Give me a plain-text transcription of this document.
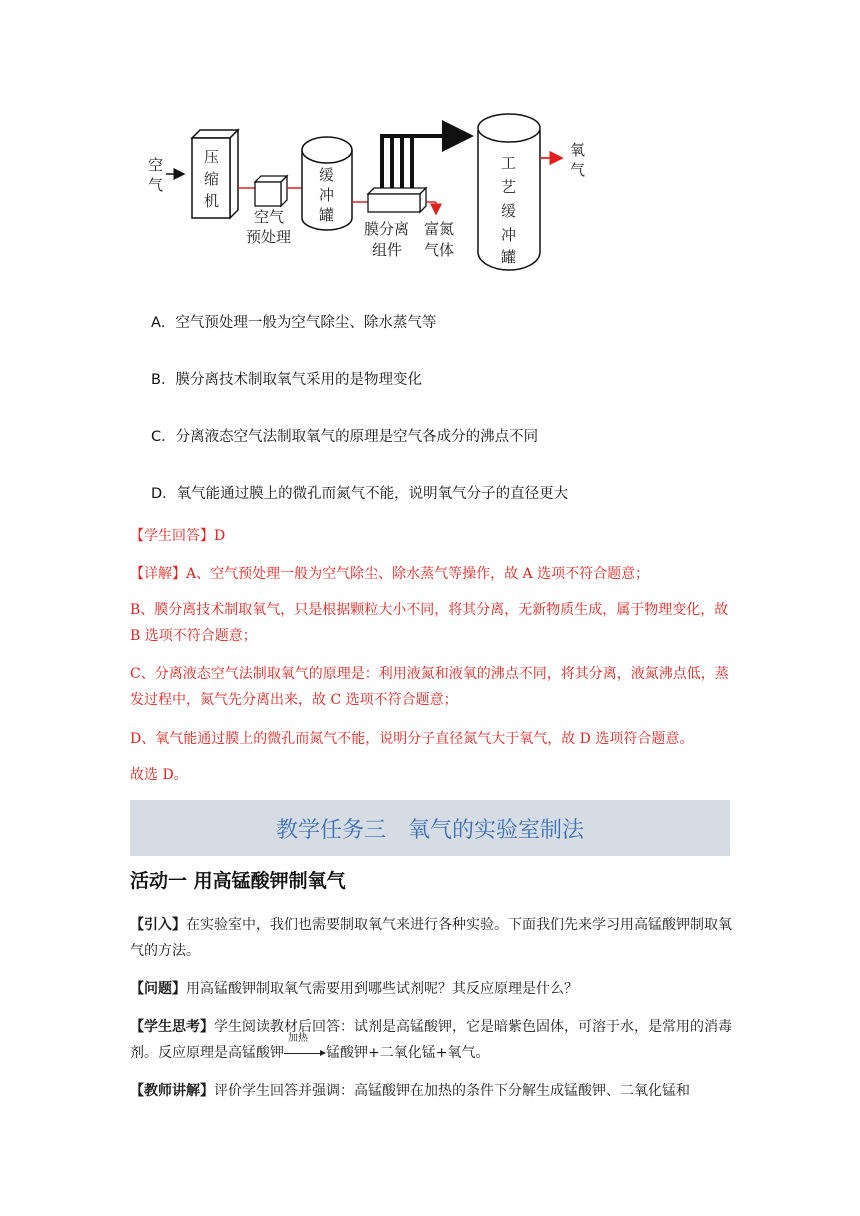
空
气
压
缩
机
空气
预处理
缓
冲
罐
膜分离
组件
富氮
气体
工
艺
缓
冲
罐
氧
气
A．空气预处理一般为空气除尘、除水蒸气等
B．膜分离技术制取氧气采用的是物理变化
C．分离液态空气法制取氧气的原理是空气各成分的沸点不同
D．氧气能通过膜上的微孔而氮气不能，说明氧气分子的直径更大
【学生回答】D
【详解】A、空气预处理一般为空气除尘、除水蒸气等操作，故 A 选项不符合题意；
B、膜分离技术制取氧气，只是根据颗粒大小不同，将其分离，无新物质生成，属于物理变化，故 B 选项不符合题意；
C、分离液态空气法制取氧气的原理是：利用液氮和液氧的沸点不同，将其分离，液氮沸点低，蒸发过程中，氮气先分离出来，故 C 选项不符合题意；
D、氧气能通过膜上的微孔而氮气不能，说明分子直径氮气大于氧气，故 D 选项符合题意。
故选 D。
教学任务三　氧气的实验室制法
活动一 用高锰酸钾制氧气
【引入】在实验室中，我们也需要制取氧气来进行各种实验。下面我们先来学习用高锰酸钾制取氧气的方法。
【问题】用高锰酸钾制取氧气需要用到哪些试剂呢？其反应原理是什么？
【学生思考】学生阅读教材后回答：试剂是高锰酸钾，它是暗紫色固体，可溶于水，是常用的消毒剂。反应原理是高锰酸钾
加热
锰酸钾+二氧化锰+氧气。
【教师讲解】评价学生回答并强调：高锰酸钾在加热的条件下分解生成锰酸钾、二氧化锰和
